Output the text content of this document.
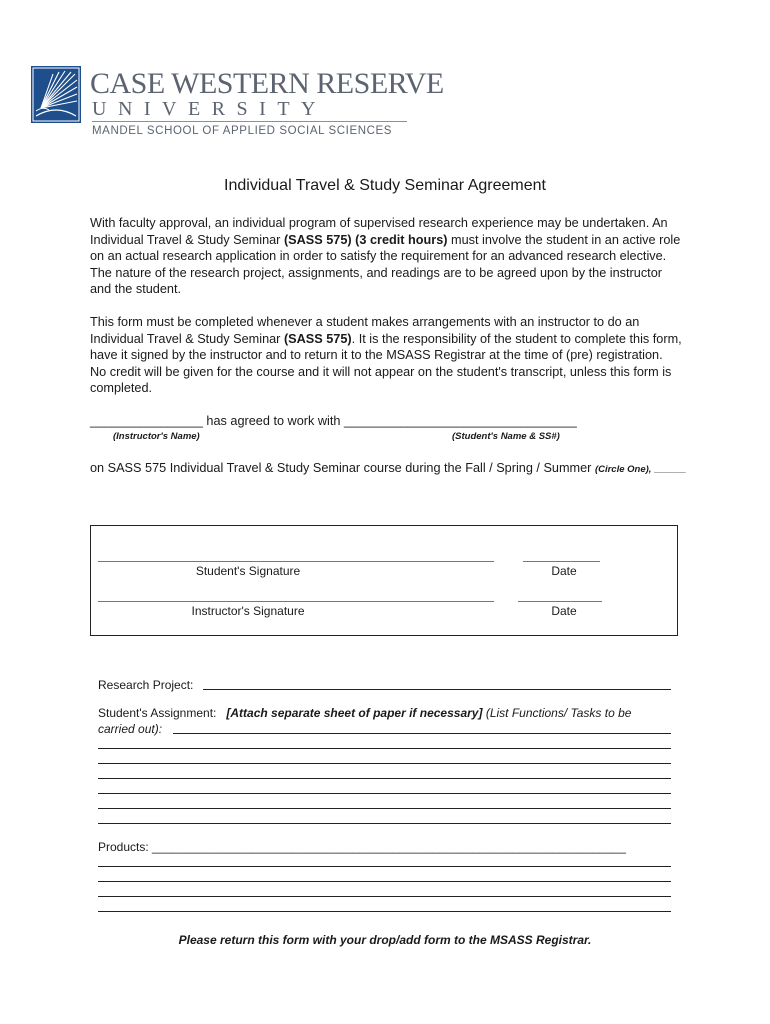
CASE WESTERN RESERVE
UNIVERSITY
MANDEL SCHOOL OF APPLIED SOCIAL SCIENCES
Individual Travel & Study Seminar Agreement
With faculty approval, an individual program of supervised research experience may be undertaken. An Individual Travel & Study Seminar (SASS 575) (3 credit hours) must involve the student in an active role on an actual research application in order to satisfy the requirement for an advanced research elective. The nature of the research project, assignments, and readings are to be agreed upon by the instructor and the student.
This form must be completed whenever a student makes arrangements with an instructor to do an Individual Travel & Study Seminar (SASS 575). It is the responsibility of the student to complete this form, have it signed by the instructor and to return it to the MSASS Registrar at the time of (pre) registration. No credit will be given for the course and it will not appear on the student's transcript, unless this form is completed.
________________ has agreed to work with _________________________________
(Instructor's Name)	(Student's Name & SS#)
on SASS 575 Individual Travel & Study Seminar course during the Fall / Spring / Summer (Circle One), ______
Student's Signature	Date
Instructor's Signature	Date
Research Project:
Student's Assignment: [Attach separate sheet of paper if necessary] (List Functions/ Tasks to be
carried out):
Products: _______________________________________________________________________
Please return this form with your drop/add form to the MSASS Registrar.
